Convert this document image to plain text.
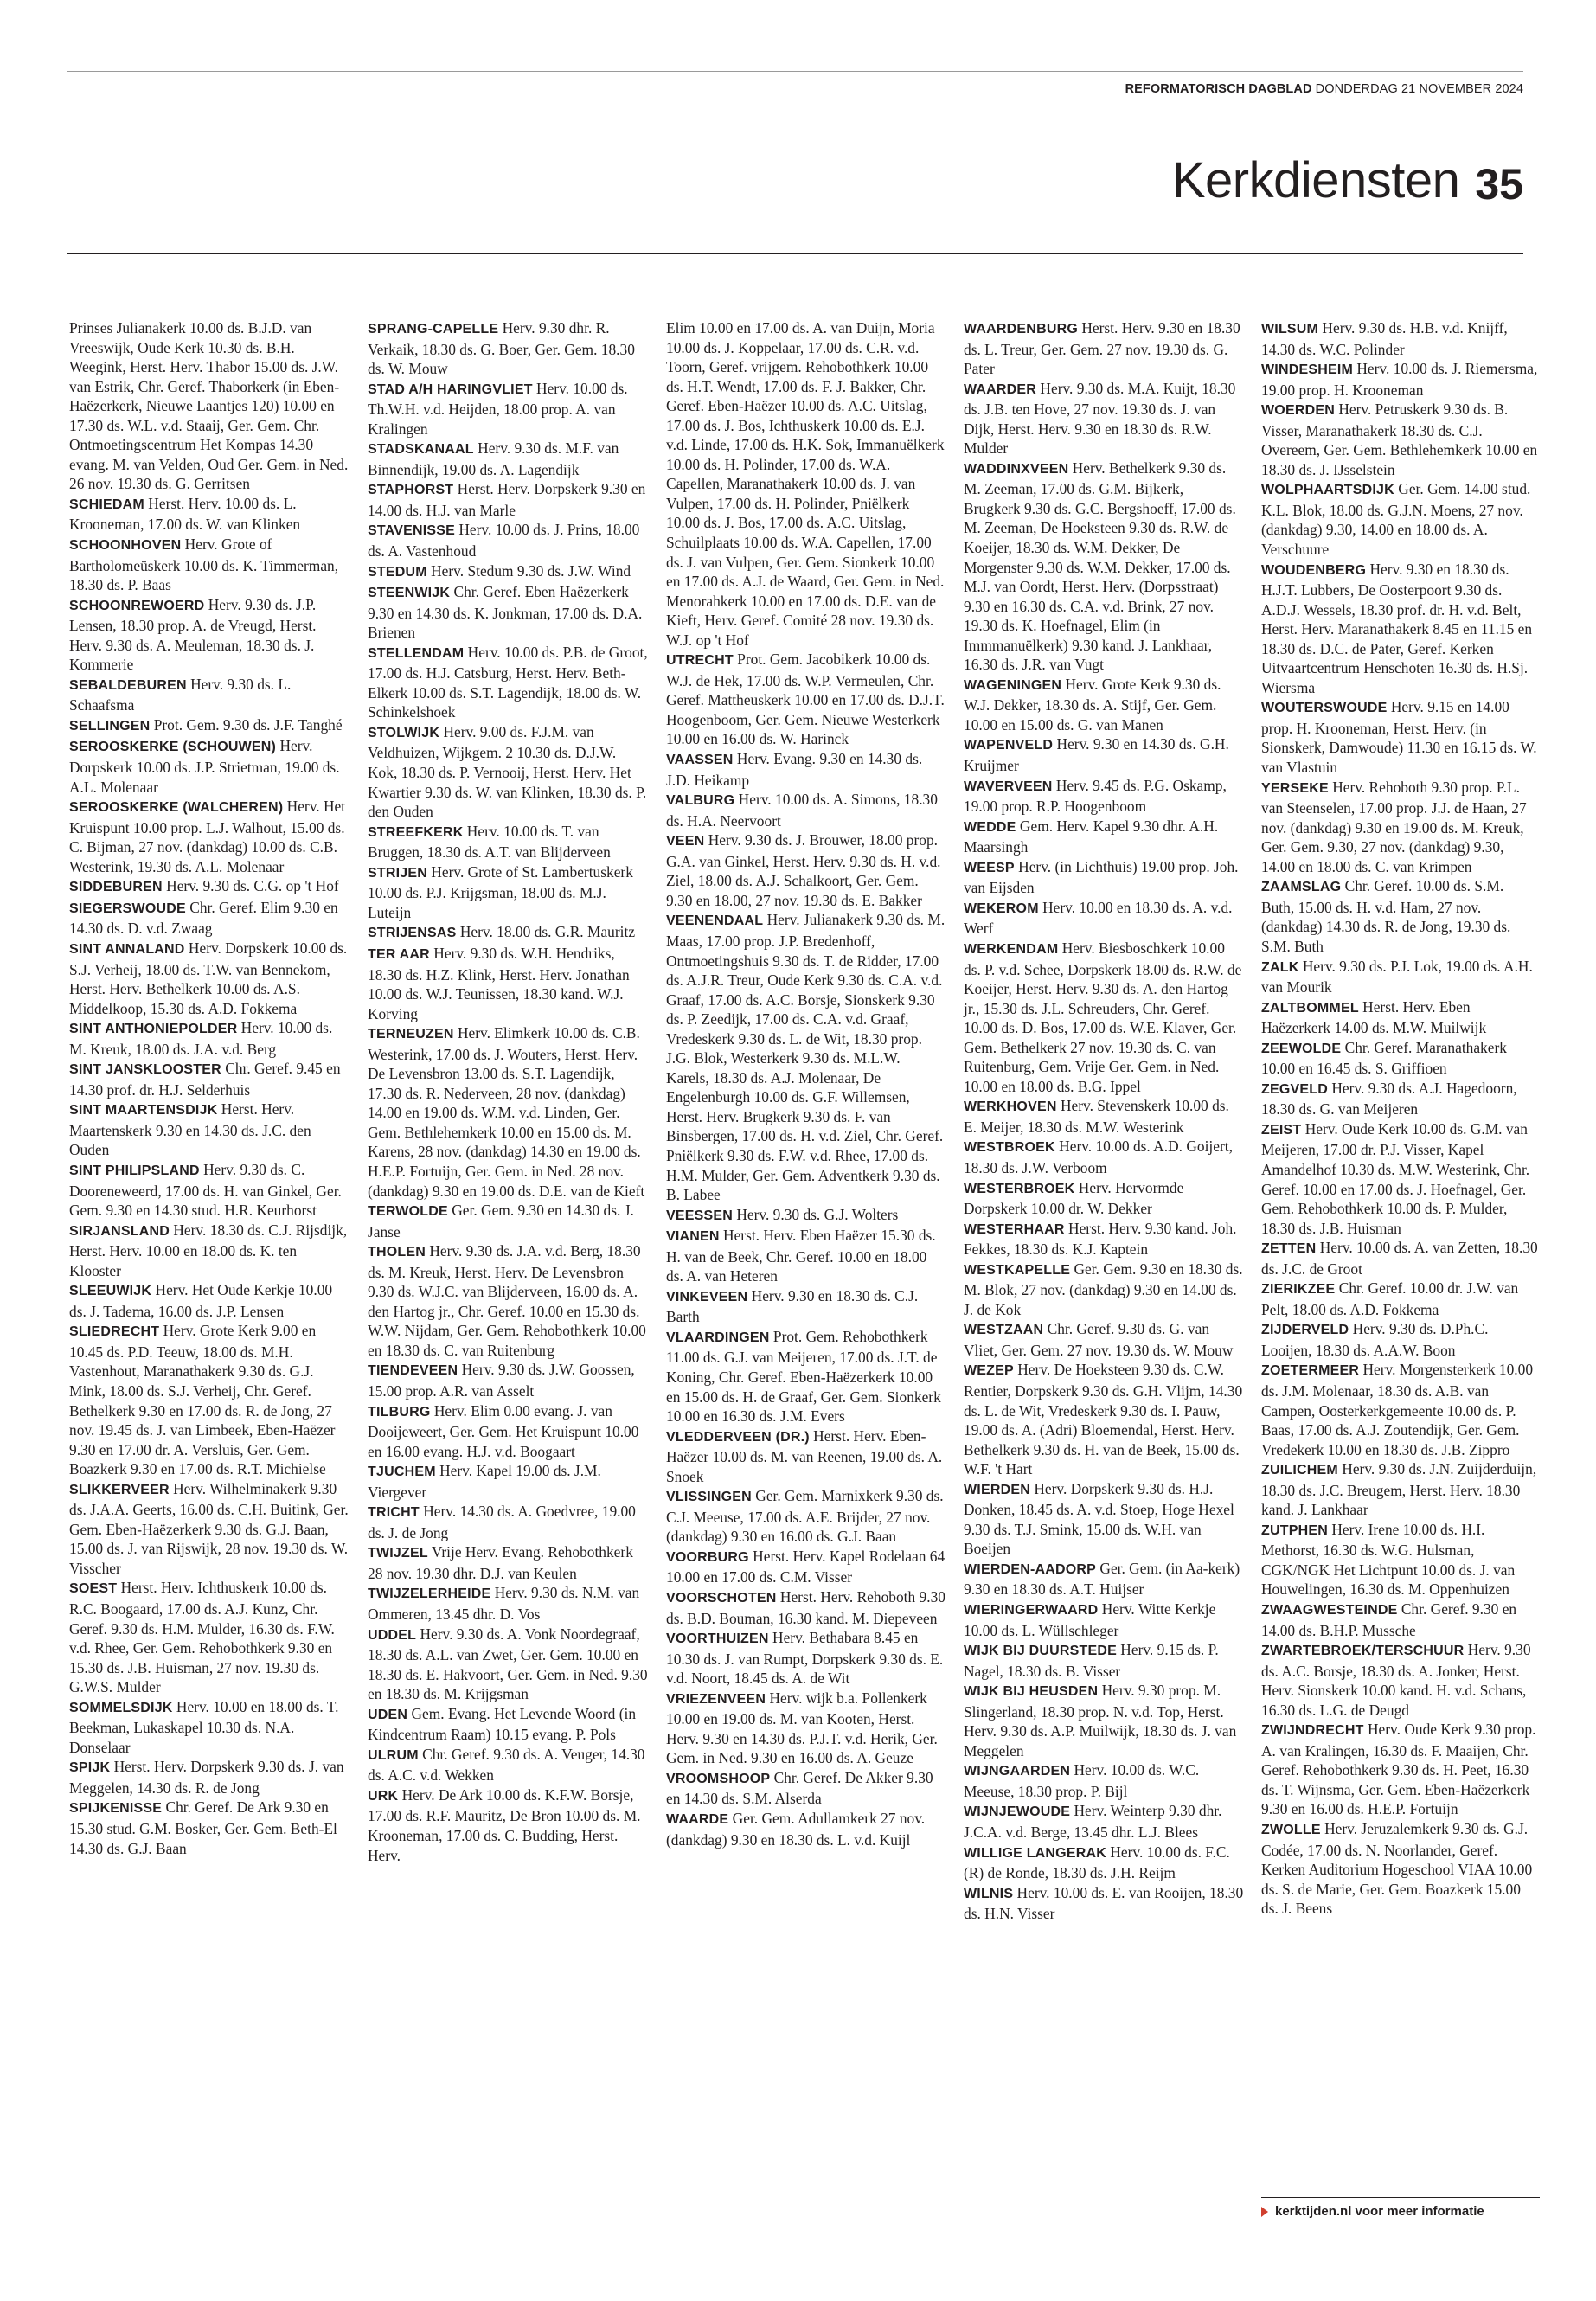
REFORMATORISCH DAGBLAD DONDERDAG 21 NOVEMBER 2024
Kerkdiensten 35

Prinses Julianakerk 10.00 ds. B.J.D. van Vreeswijk, Oude Kerk 10.30 ds. B.H. Weegink, Herst. Herv. Thabor 15.00 ds. J.W. van Estrik, Chr. Geref. Thaborkerk (in Eben-Haëzerkerk, Nieuwe Laantjes 120) 10.00 en 17.30 ds. W.L. v.d. Staaij, Ger. Gem. Chr. Ontmoetingscentrum Het Kompas 14.30 evang. M. van Velden, Oud Ger. Gem. in Ned. 26 nov. 19.30 ds. G. Gerritsen

SCHIEDAM Herst. Herv. 10.00 ds. L. Krooneman, 17.00 ds. W. van Klinken

SCHOONHOVEN Herv. Grote of Bartholomeüskerk 10.00 ds. K. Timmerman, 18.30 ds. P. Baas

SCHOONREWOERD Herv. 9.30 ds. J.P. Lensen, 18.30 prop. A. de Vreugd, Herst. Herv. 9.30 ds. A. Meuleman, 18.30 ds. J. Kommerie

SEBALDEBUREN Herv. 9.30 ds. L. Schaafsma

SELLINGEN Prot. Gem. 9.30 ds. J.F. Tanghé

SEROOSKERKE (SCHOUWEN) Herv. Dorpskerk 10.00 ds. J.P. Strietman, 19.00 ds. A.L. Molenaar

SEROOSKERKE (WALCHEREN) Herv. Het Kruispunt 10.00 prop. L.J. Walhout, 15.00 ds. C. Bijman, 27 nov. (dankdag) 10.00 ds. C.B. Westerink, 19.30 ds. A.L. Molenaar

SIDDEBUREN Herv. 9.30 ds. C.G. op 't Hof

SIEGERSWOUDE Chr. Geref. Elim 9.30 en 14.30 ds. D. v.d. Zwaag

SINT ANNALAND Herv. Dorpskerk 10.00 ds. S.J. Verheij, 18.00 ds. T.W. van Bennekom, Herst. Herv. Bethelkerk 10.00 ds. A.S. Middelkoop, 15.30 ds. A.D. Fokkema

SINT ANTHONIEPOLDER Herv. 10.00 ds. M. Kreuk, 18.00 ds. J.A. v.d. Berg

SINT JANSKLOOSTER Chr. Geref. 9.45 en 14.30 prof. dr. H.J. Selderhuis

SINT MAARTENSDIJK Herst. Herv. Maartenskerk 9.30 en 14.30 ds. J.C. den Ouden

SINT PHILIPSLAND Herv. 9.30 ds. C. Dooreneweerd, 17.00 ds. H. van Ginkel, Ger. Gem. 9.30 en 14.30 stud. H.R. Keurhorst

SIRJANSLAND Herv. 18.30 ds. C.J. Rijsdijk, Herst. Herv. 10.00 en 18.00 ds. K. ten Klooster

SLEEUWIJK Herv. Het Oude Kerkje 10.00 ds. J. Tadema, 16.00 ds. J.P. Lensen

SLIEDRECHT Herv. Grote Kerk 9.00 en 10.45 ds. P.D. Teeuw, 18.00 ds. M.H. Vastenhout, Maranathakerk 9.30 ds. G.J. Mink, 18.00 ds. S.J. Verheij, Chr. Geref. Bethelkerk 9.30 en 17.00 ds. R. de Jong, 27 nov. 19.45 ds. J. van Limbeek, Eben-Haëzer 9.30 en 17.00 dr. A. Versluis, Ger. Gem. Boazkerk 9.30 en 17.00 ds. R.T. Michielse

SLIKKERVEER Herv. Wilhelminakerk 9.30 ds. J.A.A. Geerts, 16.00 ds. C.H. Buitink, Ger. Gem. Eben-Haëzerkerk 9.30 ds. G.J. Baan, 15.00 ds. J. van Rijswijk, 28 nov. 19.30 ds. W. Visscher

SOEST Herst. Herv. Ichthuskerk 10.00 ds. R.C. Boogaard, 17.00 ds. A.J. Kunz, Chr. Geref. 9.30 ds. H.M. Mulder, 16.30 ds. F.W. v.d. Rhee, Ger. Gem. Rehobothkerk 9.30 en 15.30 ds. J.B. Huisman, 27 nov. 19.30 ds. G.W.S. Mulder

SOMMELSDIJK Herv. 10.00 en 18.00 ds. T. Beekman, Lukaskapel 10.30 ds. N.A. Donselaar

SPIJK Herst. Herv. Dorpskerk 9.30 ds. J. van Meggelen, 14.30 ds. R. de Jong

SPIJKENISSE Chr. Geref. De Ark 9.30 en 15.30 stud. G.M. Bosker, Ger. Gem. Beth-El 14.30 ds. G.J. Baan

SPRANG-CAPELLE Herv. 9.30 dhr. R. Verkaik, 18.30 ds. G. Boer, Ger. Gem. 18.30 ds. W. Mouw

STAD A/H HARINGVLIET Herv. 10.00 ds. Th.W.H. v.d. Heijden, 18.00 prop. A. van Kralingen

STADSKANAAL Herv. 9.30 ds. M.F. van Binnendijk, 19.00 ds. A. Lagendijk

STAPHORST Herst. Herv. Dorpskerk 9.30 en 14.00 ds. H.J. van Marle

STAVENISSE Herv. 10.00 ds. J. Prins, 18.00 ds. A. Vastenhoud

STEDUM Herv. Stedum 9.30 ds. J.W. Wind

STEENWIJK Chr. Geref. Eben Haëzerkerk 9.30 en 14.30 ds. K. Jonkman, 17.00 ds. D.A. Brienen

STELLENDAM Herv. 10.00 ds. P.B. de Groot, 17.00 ds. H.J. Catsburg, Herst. Herv. Beth-Elkerk 10.00 ds. S.T. Lagendijk, 18.00 ds. W. Schinkelshoek

STOLWIJK Herv. 9.00 ds. F.J.M. van Veldhuizen, Wijkgem. 2 10.30 ds. D.J.W. Kok, 18.30 ds. P. Vernooij, Herst. Herv. Het Kwartier 9.30 ds. W. van Klinken, 18.30 ds. P. den Ouden

STREEFKERK Herv. 10.00 ds. T. van Bruggen, 18.30 ds. A.T. van Blijderveen

STRIJEN Herv. Grote of St. Lambertuskerk 10.00 ds. P.J. Krijgsman, 18.00 ds. M.J. Luteijn

STRIJENSAS Herv. 18.00 ds. G.R. Mauritz

TER AAR Herv. 9.30 ds. W.H. Hendriks, 18.30 ds. H.Z. Klink, Herst. Herv. Jonathan 10.00 ds. W.J. Teunissen, 18.30 kand. W.J. Korving

TERNEUZEN Herv. Elimkerk 10.00 ds. C.B. Westerink, 17.00 ds. J. Wouters, Herst. Herv. De Levensbron 13.00 ds. S.T. Lagendijk, 17.30 ds. R. Nederveen, 28 nov. (dankdag) 14.00 en 19.00 ds. W.M. v.d. Linden, Ger. Gem. Bethlehemkerk 10.00 en 15.00 ds. M. Karens, 28 nov. (dankdag) 14.30 en 19.00 ds. H.E.P. Fortuijn, Ger. Gem. in Ned. 28 nov. (dankdag) 9.30 en 19.00 ds. D.E. van de Kieft

TERWOLDE Ger. Gem. 9.30 en 14.30 ds. J. Janse

THOLEN Herv. 9.30 ds. J.A. v.d. Berg, 18.30 ds. M. Kreuk, Herst. Herv. De Levensbron 9.30 ds. W.J.C. van Blijderveen, 16.00 ds. A. den Hartog jr., Chr. Geref. 10.00 en 15.30 ds. W.W. Nijdam, Ger. Gem. Rehobothkerk 10.00 en 18.30 ds. C. van Ruitenburg

TIENDEVEEN Herv. 9.30 ds. J.W. Goossen, 15.00 prop. A.R. van Asselt

TILBURG Herv. Elim 0.00 evang. J. van Dooijeweert, Ger. Gem. Het Kruispunt 10.00 en 16.00 evang. H.J. v.d. Boogaart

TJUCHEM Herv. Kapel 19.00 ds. J.M. Viergever

TRICHT Herv. 14.30 ds. A. Goedvree, 19.00 ds. J. de Jong

TWIJZEL Vrije Herv. Evang. Rehobothkerk 28 nov. 19.30 dhr. D.J. van Keulen

TWIJZELERHEIDE Herv. 9.30 ds. N.M. van Ommeren, 13.45 dhr. D. Vos

UDDEL Herv. 9.30 ds. A. Vonk Noordegraaf, 18.30 ds. A.L. van Zwet, Ger. Gem. 10.00 en 18.30 ds. E. Hakvoort, Ger. Gem. in Ned. 9.30 en 18.30 ds. M. Krijgsman

UDEN Gem. Evang. Het Levende Woord (in Kindcentrum Raam) 10.15 evang. P. Pols

ULRUM Chr. Geref. 9.30 ds. A. Veuger, 14.30 ds. A.C. v.d. Wekken

URK Herv. De Ark 10.00 ds. K.F.W. Borsje, 17.00 ds. R.F. Mauritz, De Bron 10.00 ds. M. Krooneman, 17.00 ds. C. Budding, Herst. Herv.

Elim 10.00 en 17.00 ds. A. van Duijn, Moria 10.00 ds. J. Koppelaar, 17.00 ds. C.R. v.d. Toorn, Geref. vrijgem. Rehobothkerk 10.00 ds. H.T. Wendt, 17.00 ds. F. J. Bakker, Chr. Geref. Eben-Haëzer 10.00 ds. A.C. Uitslag, 17.00 ds. J. Bos, Ichthuskerk 10.00 ds. E.J. v.d. Linde, 17.00 ds. H.K. Sok, Immanuëlkerk 10.00 ds. H. Polinder, 17.00 ds. W.A. Capellen, Maranathakerk 10.00 ds. J. van Vulpen, 17.00 ds. H. Polinder, Pniëlkerk 10.00 ds. J. Bos, 17.00 ds. A.C. Uitslag, Schuilplaats 10.00 ds. W.A. Capellen, 17.00 ds. J. van Vulpen, Ger. Gem. Sionkerk 10.00 en 17.00 ds. A.J. de Waard, Ger. Gem. in Ned. Menorahkerk 10.00 en 17.00 ds. D.E. van de Kieft, Herv. Geref. Comité 28 nov. 19.30 ds. W.J. op 't Hof

UTRECHT Prot. Gem. Jacobikerk 10.00 ds. W.J. de Hek, 17.00 ds. W.P. Vermeulen, Chr. Geref. Mattheuskerk 10.00 en 17.00 ds. D.J.T. Hoogenboom, Ger. Gem. Nieuwe Westerkerk 10.00 en 16.00 ds. W. Harinck

VAASSEN Herv. Evang. 9.30 en 14.30 ds. J.D. Heikamp

VALBURG Herv. 10.00 ds. A. Simons, 18.30 ds. H.A. Neervoort

VEEN Herv. 9.30 ds. J. Brouwer, 18.00 prop. G.A. van Ginkel, Herst. Herv. 9.30 ds. H. v.d. Ziel, 18.00 ds. A.J. Schalkoort, Ger. Gem. 9.30 en 18.00, 27 nov. 19.30 ds. E. Bakker

VEENENDAAL Herv. Julianakerk 9.30 ds. M. Maas, 17.00 prop. J.P. Bredenhoff, Ontmoetingshuis 9.30 ds. T. de Ridder, 17.00 ds. A.J.R. Treur, Oude Kerk 9.30 ds. C.A. v.d. Graaf, 17.00 ds. A.C. Borsje, Sionskerk 9.30 ds. P. Zeedijk, 17.00 ds. C.A. v.d. Graaf, Vredeskerk 9.30 ds. L. de Wit, 18.30 prop. J.G. Blok, Westerkerk 9.30 ds. M.L.W. Karels, 18.30 ds. A.J. Molenaar, De Engelenburgh 10.00 ds. G.F. Willemsen, Herst. Herv. Brugkerk 9.30 ds. F. van Binsbergen, 17.00 ds. H. v.d. Ziel, Chr. Geref. Pniëlkerk 9.30 ds. F.W. v.d. Rhee, 17.00 ds. H.M. Mulder, Ger. Gem. Adventkerk 9.30 ds. B. Labee

VEESSEN Herv. 9.30 ds. G.J. Wolters

VIANEN Herst. Herv. Eben Haëzer 15.30 ds. H. van de Beek, Chr. Geref. 10.00 en 18.00 ds. A. van Heteren

VINKEVEEN Herv. 9.30 en 18.30 ds. C.J. Barth

VLAARDINGEN Prot. Gem. Rehobothkerk 11.00 ds. G.J. van Meijeren, 17.00 ds. J.T. de Koning, Chr. Geref. Eben-Haëzerkerk 10.00 en 15.00 ds. H. de Graaf, Ger. Gem. Sionkerk 10.00 en 16.30 ds. J.M. Evers

VLEDDERVEEN (DR.) Herst. Herv. Eben-Haëzer 10.00 ds. M. van Reenen, 19.00 ds. A. Snoek

VLISSINGEN Ger. Gem. Marnixkerk 9.30 ds. C.J. Meeuse, 17.00 ds. A.E. Brijder, 27 nov. (dankdag) 9.30 en 16.00 ds. G.J. Baan

VOORBURG Herst. Herv. Kapel Rodelaan 64 10.00 en 17.00 ds. C.M. Visser

VOORSCHOTEN Herst. Herv. Rehoboth 9.30 ds. B.D. Bouman, 16.30 kand. M. Diepeveen

VOORTHUIZEN Herv. Bethabara 8.45 en 10.30 ds. J. van Rumpt, Dorpskerk 9.30 ds. E. v.d. Noort, 18.45 ds. A. de Wit

VRIEZENVEEN Herv. wijk b.a. Pollenkerk 10.00 en 19.00 ds. M. van Kooten, Herst. Herv. 9.30 en 14.30 ds. P.J.T. v.d. Herik, Ger. Gem. in Ned. 9.30 en 16.00 ds. A. Geuze

VROOMSHOOP Chr. Geref. De Akker 9.30 en 14.30 ds. S.M. Alserda

WAARDE Ger. Gem. Adullamkerk 27 nov. (dankdag) 9.30 en 18.30 ds. L. v.d. Kuijl

WAARDENBURG Herst. Herv. 9.30 en 18.30 ds. L. Treur, Ger. Gem. 27 nov. 19.30 ds. G. Pater

WAARDER Herv. 9.30 ds. M.A. Kuijt, 18.30 ds. J.B. ten Hove, 27 nov. 19.30 ds. J. van Dijk, Herst. Herv. 9.30 en 18.30 ds. R.W. Mulder

WADDINXVEEN Herv. Bethelkerk 9.30 ds. M. Zeeman, 17.00 ds. G.M. Bijkerk, Brugkerk 9.30 ds. G.C. Bergshoeff, 17.00 ds. M. Zeeman, De Hoeksteen 9.30 ds. R.W. de Koeijer, 18.30 ds. W.M. Dekker, De Morgenster 9.30 ds. W.M. Dekker, 17.00 ds. M.J. van Oordt, Herst. Herv. (Dorpsstraat) 9.30 en 16.30 ds. C.A. v.d. Brink, 27 nov. 19.30 ds. K. Hoefnagel, Elim (in Immmanuëlkerk) 9.30 kand. J. Lankhaar, 16.30 ds. J.R. van Vugt

WAGENINGEN Herv. Grote Kerk 9.30 ds. W.J. Dekker, 18.30 ds. A. Stijf, Ger. Gem. 10.00 en 15.00 ds. G. van Manen

WAPENVELD Herv. 9.30 en 14.30 ds. G.H. Kruijmer

WAVERVEEN Herv. 9.45 ds. P.G. Oskamp, 19.00 prop. R.P. Hoogenboom

WEDDE Gem. Herv. Kapel 9.30 dhr. A.H. Maarsingh

WEESP Herv. (in Lichthuis) 19.00 prop. Joh. van Eijsden

WEKEROM Herv. 10.00 en 18.30 ds. A. v.d. Werf

WERKENDAM Herv. Biesboschkerk 10.00 ds. P. v.d. Schee, Dorpskerk 18.00 ds. R.W. de Koeijer, Herst. Herv. 9.30 ds. A. den Hartog jr., 15.30 ds. J.L. Schreuders, Chr. Geref. 10.00 ds. D. Bos, 17.00 ds. W.E. Klaver, Ger. Gem. Bethelkerk 27 nov. 19.30 ds. C. van Ruitenburg, Gem. Vrije Ger. Gem. in Ned. 10.00 en 18.00 ds. B.G. Ippel

WERKHOVEN Herv. Stevenskerk 10.00 ds. E. Meijer, 18.30 ds. M.W. Westerink

WESTBROEK Herv. 10.00 ds. A.D. Goijert, 18.30 ds. J.W. Verboom

WESTERBROEK Herv. Hervormde Dorpskerk 10.00 dr. W. Dekker

WESTERHAAR Herst. Herv. 9.30 kand. Joh. Fekkes, 18.30 ds. K.J. Kaptein

WESTKAPELLE Ger. Gem. 9.30 en 18.30 ds. M. Blok, 27 nov. (dankdag) 9.30 en 14.00 ds. J. de Kok

WESTZAAN Chr. Geref. 9.30 ds. G. van Vliet, Ger. Gem. 27 nov. 19.30 ds. W. Mouw

WEZEP Herv. De Hoeksteen 9.30 ds. C.W. Rentier, Dorpskerk 9.30 ds. G.H. Vlijm, 14.30 ds. L. de Wit, Vredeskerk 9.30 ds. I. Pauw, 19.00 ds. A. (Adri) Bloemendal, Herst. Herv. Bethelkerk 9.30 ds. H. van de Beek, 15.00 ds. W.F. 't Hart

WIERDEN Herv. Dorpskerk 9.30 ds. H.J. Donken, 18.45 ds. A. v.d. Stoep, Hoge Hexel 9.30 ds. T.J. Smink, 15.00 ds. W.H. van Boeijen

WIERDEN-AADORP Ger. Gem. (in Aa-kerk) 9.30 en 18.30 ds. A.T. Huijser

WIERINGERWAARD Herv. Witte Kerkje 10.00 ds. L. Wüllschleger

WIJK BIJ DUURSTEDE Herv. 9.15 ds. P. Nagel, 18.30 ds. B. Visser

WIJK BIJ HEUSDEN Herv. 9.30 prop. M. Slingerland, 18.30 prop. N. v.d. Top, Herst. Herv. 9.30 ds. A.P. Muilwijk, 18.30 ds. J. van Meggelen

WIJNGAARDEN Herv. 10.00 ds. W.C. Meeuse, 18.30 prop. P. Bijl

WIJNJEWOUDE Herv. Weinterp 9.30 dhr. J.C.A. v.d. Berge, 13.45 dhr. L.J. Blees

WILLIGE LANGERAK Herv. 10.00 ds. F.C. (R) de Ronde, 18.30 ds. J.H. Reijm

WILNIS Herv. 10.00 ds. E. van Rooijen, 18.30 ds. H.N. Visser

WILSUM Herv. 9.30 ds. H.B. v.d. Knijff, 14.30 ds. W.C. Polinder

WINDESHEIM Herv. 10.00 ds. J. Riemersma, 19.00 prop. H. Krooneman

WOERDEN Herv. Petruskerk 9.30 ds. B. Visser, Maranathakerk 18.30 ds. C.J. Overeem, Ger. Gem. Bethlehemkerk 10.00 en 18.30 ds. J. IJsselstein

WOLPHAARTSDIJK Ger. Gem. 14.00 stud. K.L. Blok, 18.00 ds. G.J.N. Moens, 27 nov. (dankdag) 9.30, 14.00 en 18.00 ds. A. Verschuure

WOUDENBERG Herv. 9.30 en 18.30 ds. H.J.T. Lubbers, De Oosterpoort 9.30 ds. A.D.J. Wessels, 18.30 prof. dr. H. v.d. Belt, Herst. Herv. Maranathakerk 8.45 en 11.15 en 18.30 ds. D.C. de Pater, Geref. Kerken Uitvaartcentrum Henschoten 16.30 ds. H.Sj. Wiersma

WOUTERSWOUDE Herv. 9.15 en 14.00 prop. H. Krooneman, Herst. Herv. (in Sionskerk, Damwoude) 11.30 en 16.15 ds. W. van Vlastuin

YERSEKE Herv. Rehoboth 9.30 prop. P.L. van Steenselen, 17.00 prop. J.J. de Haan, 27 nov. (dankdag) 9.30 en 19.00 ds. M. Kreuk, Ger. Gem. 9.30, 27 nov. (dankdag) 9.30, 14.00 en 18.00 ds. C. van Krimpen

ZAAMSLAG Chr. Geref. 10.00 ds. S.M. Buth, 15.00 ds. H. v.d. Ham, 27 nov. (dankdag) 14.30 ds. R. de Jong, 19.30 ds. S.M. Buth

ZALK Herv. 9.30 ds. P.J. Lok, 19.00 ds. A.H. van Mourik

ZALTBOMMEL Herst. Herv. Eben Haëzerkerk 14.00 ds. M.W. Muilwijk

ZEEWOLDE Chr. Geref. Maranathakerk 10.00 en 16.45 ds. S. Griffioen

ZEGVELD Herv. 9.30 ds. A.J. Hagedoorn, 18.30 ds. G. van Meijeren

ZEIST Herv. Oude Kerk 10.00 ds. G.M. van Meijeren, 17.00 dr. P.J. Visser, Kapel Amandelhof 10.30 ds. M.W. Westerink, Chr. Geref. 10.00 en 17.00 ds. J. Hoefnagel, Ger. Gem. Rehobothkerk 10.00 ds. P. Mulder, 18.30 ds. J.B. Huisman

ZETTEN Herv. 10.00 ds. A. van Zetten, 18.30 ds. J.C. de Groot

ZIERIKZEE Chr. Geref. 10.00 dr. J.W. van Pelt, 18.00 ds. A.D. Fokkema

ZIJDERVELD Herv. 9.30 ds. D.Ph.C. Looijen, 18.30 ds. A.A.W. Boon

ZOETERMEER Herv. Morgensterkerk 10.00 ds. J.M. Molenaar, 18.30 ds. A.B. van Campen, Oosterkerkgemeente 10.00 ds. P. Baas, 17.00 ds. A.J. Zoutendijk, Ger. Gem. Vredekerk 10.00 en 18.30 ds. J.B. Zippro

ZUILICHEM Herv. 9.30 ds. J.N. Zuijderduijn, 18.30 ds. J.C. Breugem, Herst. Herv. 18.30 kand. J. Lankhaar

ZUTPHEN Herv. Irene 10.00 ds. H.I. Methorst, 16.30 ds. W.G. Hulsman, CGK/NGK Het Lichtpunt 10.00 ds. J. van Houwelingen, 16.30 ds. M. Oppenhuizen

ZWAAGWESTEINDE Chr. Geref. 9.30 en 14.00 ds. B.H.P. Mussche

ZWARTEBROEK/TERSCHUUR Herv. 9.30 ds. A.C. Borsje, 18.30 ds. A. Jonker, Herst. Herv. Sionskerk 10.00 kand. H. v.d. Schans, 16.30 ds. L.G. de Deugd

ZWIJNDRECHT Herv. Oude Kerk 9.30 prop. A. van Kralingen, 16.30 ds. F. Maaijen, Chr. Geref. Rehobothkerk 9.30 ds. H. Peet, 16.30 ds. T. Wijnsma, Ger. Gem. Eben-Haëzerkerk 9.30 en 16.00 ds. H.E.P. Fortuijn

ZWOLLE Herv. Jeruzalemkerk 9.30 ds. G.J. Codée, 17.00 ds. N. Noorlander, Geref. Kerken Auditorium Hogeschool VIAA 10.00 ds. S. de Marie, Ger. Gem. Boazkerk 15.00 ds. J. Beens

kerktijden.nl voor meer informatie
